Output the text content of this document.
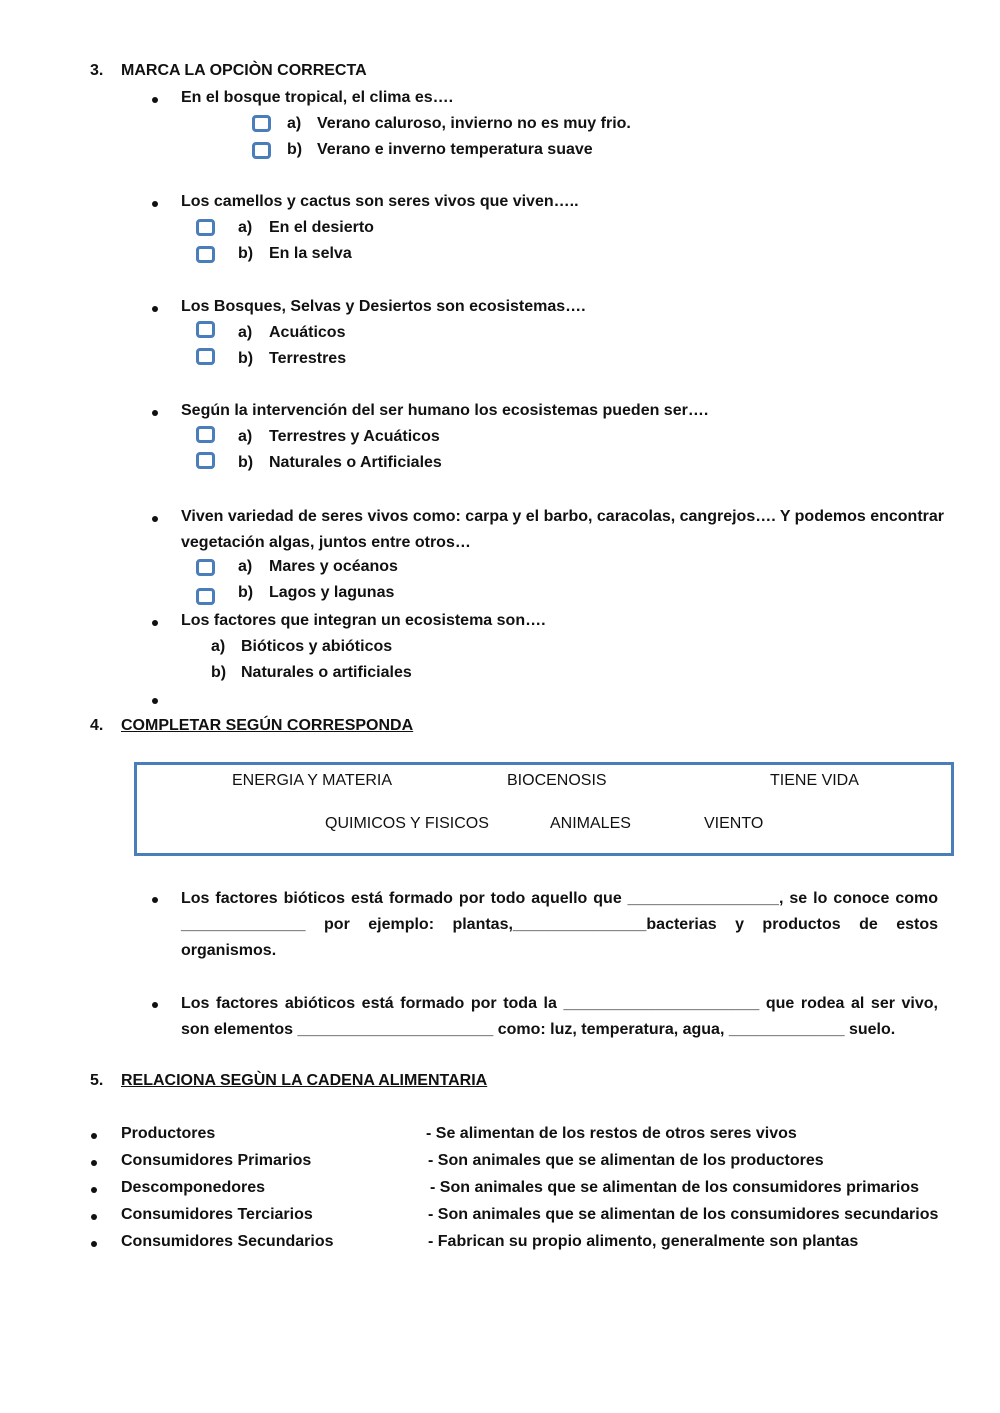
3. MARCA LA OPCIÒN CORRECTA
En el bosque tropical, el clima es….
a) Verano caluroso, invierno no es muy frio.
b) Verano e inverno temperatura suave
Los camellos y cactus son seres vivos que viven…..
a) En el desierto
b) En la selva
Los Bosques, Selvas y Desiertos son ecosistemas….
a) Acuáticos
b) Terrestres
Según la intervención del ser humano los ecosistemas pueden ser….
a) Terrestres y Acuáticos
b) Naturales o Artificiales
Viven variedad de seres vivos como: carpa y el barbo, caracolas, cangrejos…. Y podemos encontrar
vegetación algas, juntos entre otros…
a) Mares y océanos
b) Lagos y lagunas
Los factores que integran un ecosistema son….
a) Bióticos y abióticos
b) Naturales o artificiales
4. COMPLETAR SEGÚN CORRESPONDA
ENERGIA Y MATERIA	BIOCENOSIS	TIENE VIDA
QUIMICOS Y FISICOS	ANIMALES	VIENTO
Los factores bióticos está formado por todo aquello que _________________, se lo conoce como ______________ por ejemplo: plantas,_______________bacterias y productos de estos organismos.
Los factores abióticos está formado por toda la ______________________ que rodea al ser vivo, son elementos ______________________ como: luz, temperatura, agua, _____________ suelo.
5. RELACIONA SEGÙN LA CADENA ALIMENTARIA
Productores	- Se alimentan de los restos de otros seres vivos
Consumidores Primarios	- Son animales que se alimentan de los productores
Descomponedores	- Son animales que se alimentan de los consumidores primarios
Consumidores Terciarios	- Son animales que se alimentan de los consumidores secundarios
Consumidores Secundarios	- Fabrican su propio alimento, generalmente son plantas
